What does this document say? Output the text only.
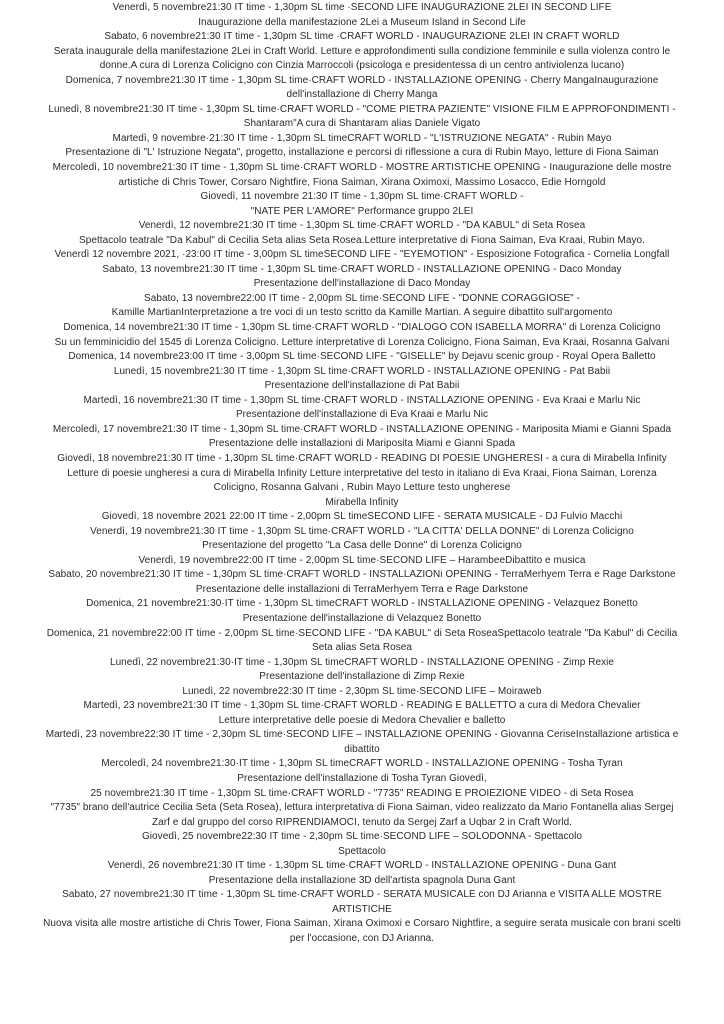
Venerdì, 5 novembre21:30 IT time - 1,30pm SL time ·SECOND LIFE INAUGURAZIONE 2LEI IN SECOND LIFE
Inaugurazione della manifestazione 2Lei a Museum Island in Second Life
Sabato, 6 novembre21:30 IT time - 1,30pm SL time ·CRAFT WORLD - INAUGURAZIONE 2LEI IN CRAFT WORLD
Serata inaugurale della manifestazione 2Lei in Craft World. Letture e approfondimenti sulla condizione femminile e sulla violenza contro le
donne.A cura di Lorenza Colicigno con Cinzia Marroccoli (psicologa e presidentessa di un centro antiviolenza lucano)
Domenica, 7 novembre21:30 IT time - 1,30pm SL time·CRAFT WORLD - INSTALLAZIONE OPENING - Cherry MangaInaugurazione
dell'installazione di Cherry Manga
Lunedì, 8 novembre21:30 IT time - 1,30pm SL time·CRAFT WORLD - "COME PIETRA PAZIENTE" VISIONE FILM E APPROFONDIMENTI -
Shantaram"A cura di Shantaram alias Daniele Vigato
Martedì, 9 novembre·21:30 IT time - 1,30pm SL timeCRAFT WORLD - "L'ISTRUZIONE NEGATA" - Rubin Mayo
Presentazione di "L' Istruzione Negata", progetto, installazione e percorsi di riflessione a cura di Rubin Mayo, letture di Fiona Saiman
Mercoledì, 10 novembre21:30 IT time - 1,30pm SL time·CRAFT WORLD - MOSTRE ARTISTICHE OPENING - Inaugurazione delle mostre
artistiche di Chris Tower, Corsaro Nightfire, Fiona Saiman, Xirana Oximoxi, Massimo Losacco, Edie Horngold
Giovedì, 11 novembre 21:30 IT time - 1,30pm SL time·CRAFT WORLD -
"NATE PER L'AMORE" Performance gruppo 2LEI
Venerdì, 12 novembre21:30 IT time - 1,30pm SL time·CRAFT WORLD - "DA KABUL" di Seta Rosea
Spettacolo teatrale "Da Kabul" di Cecilia Seta alias Seta Rosea.Letture interpretative di Fiona Saiman, Eva Kraai, Rubin Mayo.
Venerdì 12 novembre 2021, ·23:00 IT time - 3,00pm SL timeSECOND LIFE - "EYEMOTION" - Esposizione Fotografica - Cornelia Longfall
Sabato, 13 novembre21:30 IT time - 1,30pm SL time·CRAFT WORLD - INSTALLAZIONE OPENING - Daco Monday
Presentazione dell'installazione di Daco Monday
Sabato, 13 novembre22:00 IT time - 2,00pm SL time·SECOND LIFE - "DONNE CORAGGIOSE" -
Kamille MartianInterpretazione a tre voci di un testo scritto da Kamille Martian. A seguire dibattito sull'argomento
Domenica, 14 novembre21:30 IT time - 1,30pm SL time·CRAFT WORLD - "DIALOGO CON ISABELLA MORRA" di Lorenza Colicigno
Su un femminicidio del 1545 di Lorenza Colicigno. Letture interpretative di Lorenza Colicigno, Fiona Saiman, Eva Kraai, Rosanna Galvani
Domenica, 14 novembre23:00 IT time - 3,00pm SL time·SECOND LIFE - "GISELLE" by Dejavu scenic group - Royal Opera Balletto
Lunedì, 15 novembre21:30 IT time - 1,30pm SL time·CRAFT WORLD - INSTALLAZIONE OPENING - Pat Babii
Presentazione dell'installazione di Pat Babii
Martedì, 16 novembre21:30 IT time - 1,30pm SL time·CRAFT WORLD - INSTALLAZIONE OPENING - Eva Kraai e Marlu Nic
Presentazione dell'installazione di Eva Kraai e Marlu Nic
Mercoledì, 17 novembre21:30 IT time - 1,30pm SL time·CRAFT WORLD - INSTALLAZIONE OPENING - Mariposita Miami e Gianni Spada
Presentazione delle installazioni di Mariposita Miami e Gianni Spada
Giovedì, 18 novembre21:30 IT time - 1,30pm SL time·CRAFT WORLD - READING DI POESIE UNGHERESI - a cura di Mirabella Infinity
Letture di poesie ungheresi a cura di Mirabella Infinity Letture interpretative del testo in italiano di Eva Kraai, Fiona Saiman, Lorenza
Colicigno, Rosanna Galvani , Rubin Mayo Letture testo ungherese
Mirabella Infinity
Giovedì, 18 novembre 2021 22:00 IT time - 2,00pm SL timeSECOND LIFE - SERATA MUSICALE - DJ Fulvio Macchi
Venerdì, 19 novembre21:30 IT time - 1,30pm SL time·CRAFT WORLD - "LA CITTA' DELLA DONNE" di Lorenza Colicigno
Presentazione del progetto "La Casa delle Donne" di Lorenza Colicigno
Venerdì, 19 novembre22:00 IT time - 2,00pm SL time·SECOND LIFE – HarambeeDibattito e musica
Sabato, 20 novembre21:30 IT time - 1,30pm SL time·CRAFT WORLD - INSTALLAZIONi OPENING - TerraMerhyem Terra e Rage Darkstone
Presentazione delle installazioni di TerraMerhyem Terra e Rage Darkstone
Domenica, 21 novembre21:30·IT time - 1,30pm SL timeCRAFT WORLD - INSTALLAZIONE OPENING - Velazquez Bonetto
Presentazione dell'installazione di Velazquez Bonetto
Domenica, 21 novembre22:00 IT time - 2,00pm SL time·SECOND LIFE - "DA KABUL" di Seta RoseaSpettacolo teatrale "Da Kabul" di Cecilia
Seta alias Seta Rosea
Lunedì, 22 novembre21:30·IT time - 1,30pm SL timeCRAFT WORLD - INSTALLAZIONE OPENING - Zimp Rexie
Presentazione dell'installazione di Zimp Rexie
Lunedì, 22 novembre22:30 IT time - 2,30pm SL time·SECOND LIFE – Moiraweb
Martedì, 23 novembre21:30 IT time - 1,30pm SL time·CRAFT WORLD - READING E BALLETTO a cura di Medora Chevalier
Letture interpretative delle poesie di Medora Chevalier e balletto
Martedì, 23 novembre22:30 IT time - 2,30pm SL time·SECOND LIFE – INSTALLAZIONE OPENING - Giovanna CeriseInstallazione artistica e
dibattito
Mercoledì, 24 novembre21:30·IT time - 1,30pm SL timeCRAFT WORLD - INSTALLAZIONE OPENING - Tosha Tyran
Presentazione dell'installazione di Tosha Tyran Giovedì,
25 novembre21:30 IT time - 1,30pm SL time·CRAFT WORLD - "7735" READING E PROIEZIONE VIDEO - di Seta Rosea
"7735" brano dell'autrice Cecilia Seta (Seta Rosea), lettura interpretativa di Fiona Saiman, video realizzato da Mario Fontanella alias Sergej
Zarf e dal gruppo del corso RIPRENDIAMOCI, tenuto da Sergej Zarf a Uqbar 2 in Craft World.
Giovedì, 25 novembre22:30 IT time - 2,30pm SL time·SECOND LIFE – SOLODONNA - Spettacolo
Spettacolo
Venerdì, 26 novembre21:30 IT time - 1,30pm SL time·CRAFT WORLD - INSTALLAZIONE OPENING - Duna Gant
Presentazione della installazione 3D dell'artista spagnola Duna Gant
Sabato, 27 novembre21:30 IT time - 1,30pm SL time·CRAFT WORLD - SERATA MUSICALE con DJ Arianna e VISITA ALLE MOSTRE
ARTISTICHE
Nuova visita alle mostre artistiche di Chris Tower, Fiona Saiman, Xirana Oximoxi e Corsaro Nightfire, a seguire serata musicale con brani scelti
per l'occasione, con DJ Arianna.
